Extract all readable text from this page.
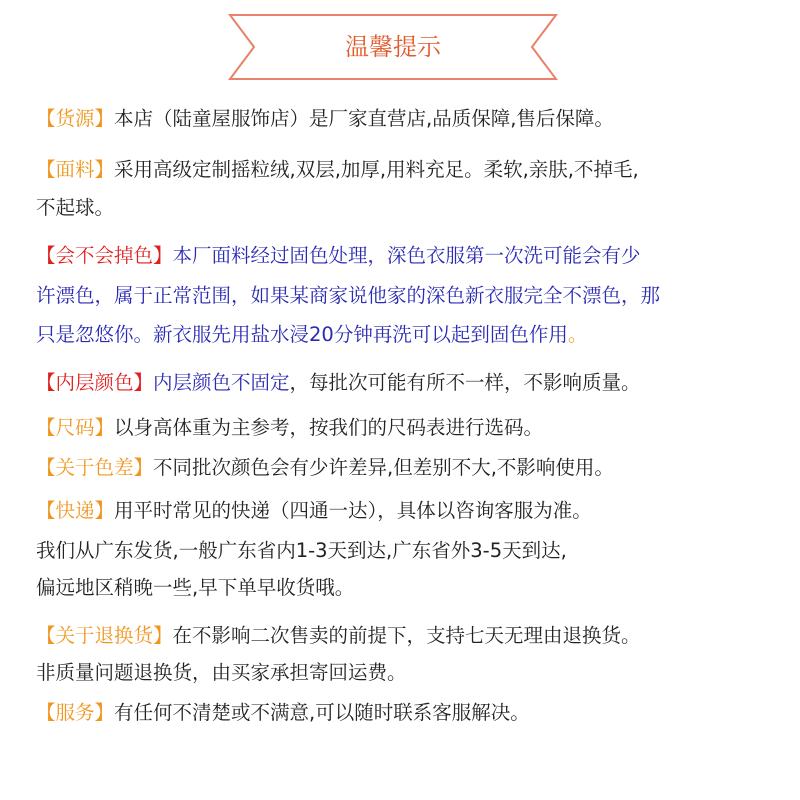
温馨提示
【货源】本店（陆童屋服饰店）是厂家直营店,品质保障,售后保障。
【面料】采用高级定制摇粒绒,双层,加厚,用料充足。柔软,亲肤,不掉毛,
不起球。
【会不会掉色】本厂面料经过固色处理，深色衣服第一次洗可能会有少
许漂色，属于正常范围，如果某商家说他家的深色新衣服完全不漂色，那
只是忽悠你。新衣服先用盐水浸20分钟再洗可以起到固色作用。
【内层颜色】内层颜色不固定，每批次可能有所不一样，不影响质量。
【尺码】以身高体重为主参考，按我们的尺码表进行选码。
【关于色差】不同批次颜色会有少许差异,但差别不大,不影响使用。
【快递】用平时常见的快递（四通一达），具体以咨询客服为准。
我们从广东发货,一般广东省内1-3天到达,广东省外3-5天到达,
偏远地区稍晚一些,早下单早收货哦。
【关于退换货】在不影响二次售卖的前提下，支持七天无理由退换货。
非质量问题退换货，由买家承担寄回运费。
【服务】有任何不清楚或不满意,可以随时联系客服解决。
